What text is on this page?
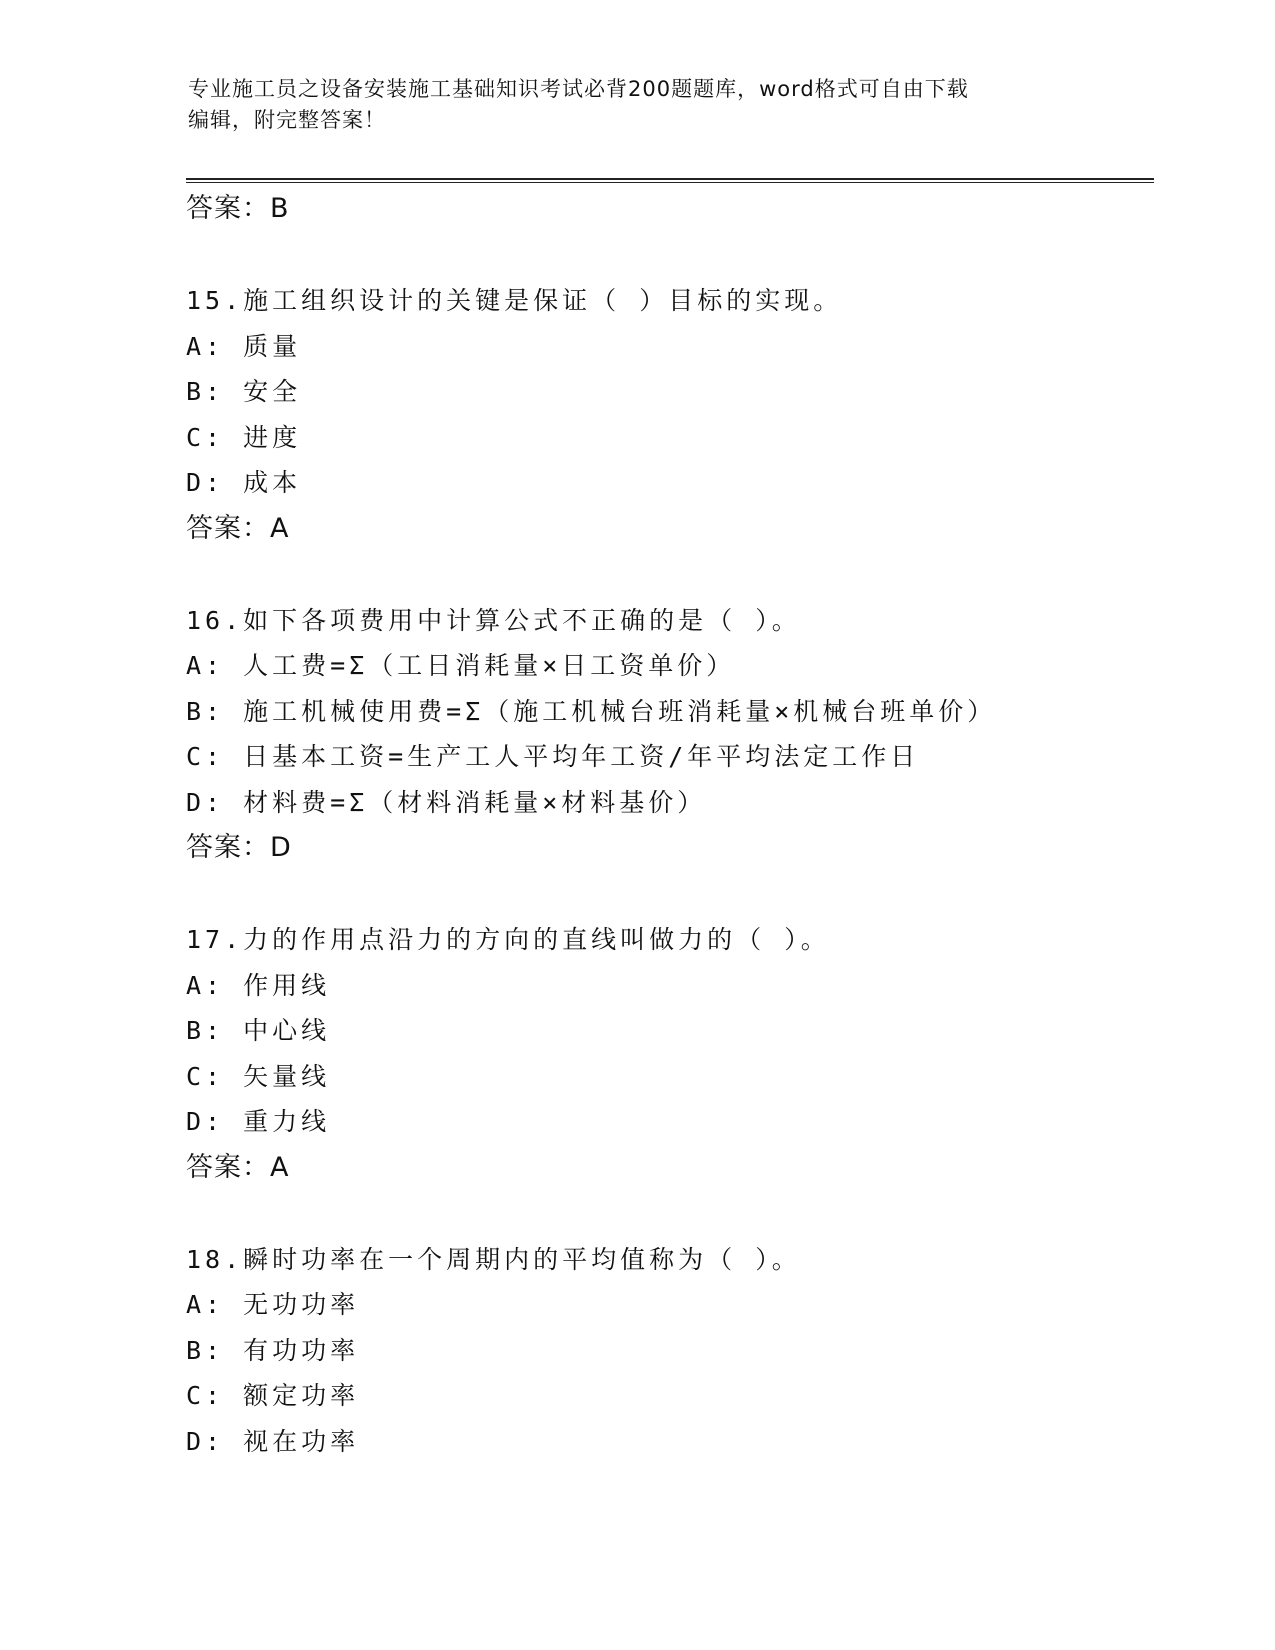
专业施工员之设备安装施工基础知识考试必背200题题库，word格式可自由下载
编辑，附完整答案！
答案：B
15.施工组织设计的关键是保证（ ）目标的实现。
A: 质量
B: 安全
C: 进度
D: 成本
答案：A
16.如下各项费用中计算公式不正确的是（ ）。
A: 人工费=Σ（工日消耗量×日工资单价）
B: 施工机械使用费=Σ（施工机械台班消耗量×机械台班单价）
C: 日基本工资=生产工人平均年工资/年平均法定工作日
D: 材料费=Σ（材料消耗量×材料基价）
答案：D
17.力的作用点沿力的方向的直线叫做力的（ ）。
A: 作用线
B: 中心线
C: 矢量线
D: 重力线
答案：A
18.瞬时功率在一个周期内的平均值称为（ ）。
A: 无功功率
B: 有功功率
C: 额定功率
D: 视在功率
